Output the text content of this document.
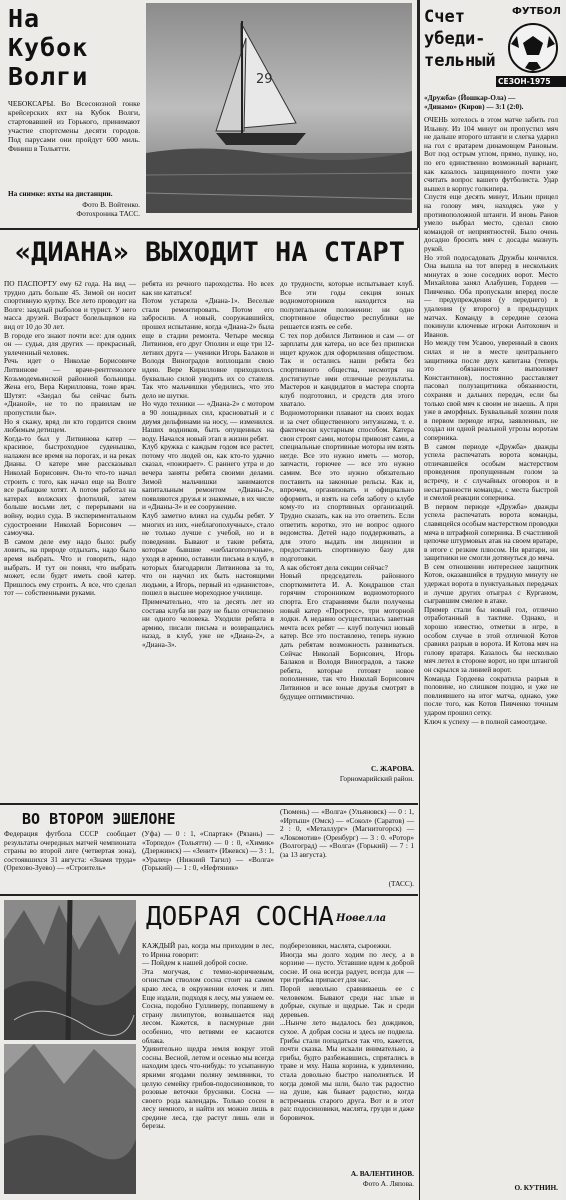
На
Кубок
Волги
ЧЕБОКСАРЫ. Во Всесоюзной гонке крейсерских яхт на Кубок Волги, стартовавшей из Горького, принимают участие спортсмены десяти городов. Под парусами они пройдут 600 миль. Финиш в Тольятти.
На снимке: яхты на дистанции.
Фото В. Войтенко.
Фотохроника ТАСС.
29
Счет
убеди-
тельный
ФУТБОЛ
СЕЗОН-1975
«Дружба» (Йошкар-Ола) —
«Динамо» (Киров) — 3:1 (2:0).
ОЧЕНЬ хотелось в этом матче забить гол Ильину. Из 104 минут он пропустил мяч не дальше второго штанги и слегка ударил на гол с вратарем динамовцем Рановым. Вот под острым углом, прямо, пушку, но, по его единственно возможный вариант, как казалось защищенного почти уже считать вопрос вашего футболиста. Удар вышел в корпус голкипера.
Спустя еще десять минут, Ильин прицел на голову мяч, находясь уже у противоположной штанги. И вновь Ранов умело выбрал место, сделал свою командой от неприятностей. Было очень досадно бросить мяч с досады мазнуть рукой.
Но этой подосадовать Дружбы кончился. Она вышла на тот вперед в нескольких минутах в зоне соседних ворот. Место Михайлова занял Алабушев, Гордеев — Пивченко. Оба пропускали вперед после — предупреждения (у переднего) в удаления (у второго) в предыдущих матчах. Команду в середине сезона покинули ключевые игроки Антохович и Иванов.
Но между тем Усавоо, уверенный в своих силах и не в месте центральнего защитника после двух капитана (теперь это обязанности выполняет Константинов), постоянно расставляет пасовал полузащитника обязанности, сохраняя и дальних передач, если бы только свой мяч к своим не знаешь. А при уже в аморфных. Буквальный хозяин поля в первом периоде игры, заявленных, не создал ни одной реальной угрозы воротам соперника.
В самом периоде «Дружба» дважды успела распечатать ворота команды, отличавшейся особым мастерством проведения пропущенным голом за встречу, и с случайных оговорок и в несыгранности команды, с места быстрой и смелой реакции соперника.
В первом периоде «Дружба» дважды успела распечатать ворота команды, славящейся особым мастерством проводки мяча в штрафной соперника. В счастливой цепочке штурмовых атак на своем вратаре, в итоге с резким плюсом. Ни вратари, ни защитники не смогли дотянуться до мяча.
В сем отношении интереснее защитник Котов, оказавшийся в трудную минуту не удержал ворота в пунктуальных передачах и лучше других отыграл с Курганом, сыгравшим смелее в атаке.
Пример стали бы новый гол, отлично отработанный в тактике. Однако, и хорошо известно, отметки в игре, в особом случае в этой отличной Котов сравнял разрыв в ворота. И Котова мяч на голову вратаря. Казалось бы несколько мяч летел в стороне ворот, но при штангой он скрылся за линией ворот.
Команда Гордеева сократила разрыв в половинe, но слишком поздно, и уже не повлиявшего на итог матча, однако, уже после того, как Котов Пивченко точным ударом прошил сетку.
Ключ к успеху — в полной самоотдаче.
О. КУТНИН.
«ДИАНА» ВЫХОДИТ НА СТАРТ
ПО ПАСПОРТУ ему 62 года. На вид — трудно дать больше 45. Зимой он носит спортивную куртку. Все лето проводит на Волге: заядлый рыболов и турист. У него масса друзей. Возраст болельщиков на вид от 10 до 30 лет.
В городе его знают почти все: для одних он — судья, для других — прекрасный, увлеченный человек.
Речь идет о Николае Борисовиче Литвинове — враче-рентгенологе Козьмодемьянской районной больницы. Жена его, Вера Кирилловна, тоже врач. Шутят: «Заедал бы сейчас быть «Дианой», не то по правилам не пропустили бы».
Но я скажу, вряд ли кто гордится своим любимым детищем.
Когда-то был у Литвинова катер — красивое, быстроходное суденышко, налажен все время на порогах, и на реках Дианы. О катере мне рассказывал Николай Борисович. Он-то что-то начал строить с того, как начал еще на Волге все рыбацкие хотят. А потом работал на катерах волжских флотилий, затем больше восьми лет, с перерывами на войну, водил суда. В экспериментальном судостроении Николай Борисович — самоучка.
В самом деле ему надо было: рыбу ловить, на природе отдыхать, надо было время выбрать. Что и говорить, надо выбрать. И тут он понял, что выбрать может, если будет иметь свой катер. Пришлось ему строить. А все, что сделал тот — собственными руками.
ребята из речного пароходства. Но всех как ни кататься!
Потом устарела «Диана-1». Веселые стали ремонтировать. Потом его забросили. А новый, сооружавшийся, прошел испытание, когда «Диана-2» была еще в стадии ремонта. Четыре месяца Литвинов, его друг Ополин и еще три 12-летних друга — ученики Игорь Балаков и Володя Виноградов воплощали свою идею. Вере Кирилловне приходилось буквально силой уводить их со стапеля. Так что мальчишки убедились, что это дело не шутки.
Но чудо техники — «Диана-2» с мотором в 90 лошадиных сил, красноватый и с двумя дельфинами на носу, — изменился. Наших водников, быть опущенных на воду. Начался новый этап в жизни ребят.
Клуб кружка с каждым годом все растет, потому что людей он, как кто-то удачно сказал, «пожирает». С раннего утра и до вечера заняты ребята своими делами. Зимой мальчишки занимаются капитальным ремонтом «Дианы-2», появляются друзья и знакомые, в их числе и «Дианы-3» и ее сооружение.
Клуб заметно влиял на судьбы ребят. У многих из них, «неблагополучных», стало не только лучше с учебой, но и в поведении. Бывают и такие ребята, которые бывшие «неблагополучные», уходя в армию, оставили письма в клуб, в которых благодарили Литвинова за то, что он научил их быть настоящими людьми, а Игорь, первый из «дианистов», пошел в высшее мореходное училище.
Примечательно, что за десять лет из состава клуба ни разу не было отчислено ни одного человека. Уходили ребята в армию, писали письма и возвращались назад, в клуб, уже не «Диана-2», а «Диана-3».
до трудности, которые испытывает клуб. Все эти годы секция юных водномоторников находится на полулегальном положении: ни одно спортивное общество республики не решается взять ее себе.
С тех пор добился Литвинов и сам — от зарплаты для катера, но все без приписки ищет кружок для оформления обществом. Так и остались наши ребята без спортивного общества, несмотря на достигнутые ими отличные результаты. Мастеров и кандидатов в мастера спорта клуб подготовил, и средств для этого хватало.
Водномоторники плавают на своих водах и за счет общественного энтузиазма, т. е. фактически кустарным способом. Катера свои строят сами, моторы привозят сами, а специальные спортивные моторы им взять негде. Все это нужно иметь — мотор, запчасти, горючее — все это нужно самим. Все это нужно обязательно поставить на законные рельсы. Как и, впрочем, организовать и официально оформить, и взять на себя заботу о клубе кому-то из спортивных организаций. Трудно сказать, как на это ответить. Если ответить коротко, это не вопрос одного ведомства. Детей надо поддерживать, а для этого выдать им лицензии и предоставить спортивную базу для подготовки.
А как обстоят дела секции сейчас?
Новый председатель районного спорткомитета И. А. Кондрашов стал горячим сторонником водномоторного спорта. Его стараниями были получены новый катер «Прогресс», три моторной лодки. А недавно осуществилась заветная мечта всех ребят — клуб получил новый катер. Все это поставлено, теперь нужно дать ребятам возможность развиваться. Сейчас Николай Борисович, Игорь Балаков и Володя Виноградов, а также ребята, которые готовят новое пополнение, так что Николай Борисович Литвинов и все юные друзья смотрят в будущее оптимистично.
С. ЖАРОВА.
Горномарийский район.
ВО ВТОРОМ ЭШЕЛОНЕ
Федерация футбола СССР сообщает результаты очередных матчей чемпионата страны во второй лиге (четвертая зона), состоявшихся 31 августа: «Знамя труда» (Орехово-Зуево) — «Строитель»
(Уфа) — 0 : 1, «Спартак» (Рязань) — «Торпедо» (Тольятти) — 0 : 0, «Химик» (Дзержинск) — «Зенит» (Ижевск) — 3 : 1, «Уралец» (Нижний Тагил) — «Волга» (Горький) — 1 : 0, «Нефтяник»
(Тюмень) — «Волга» (Ульяновск) — 0 : 1, «Иртыш» (Омск) — «Сокол» (Саратов) — 2 : 0, «Металлург» (Магнитогорск) — «Локомотив» (Оренбург) — 3 : 0. «Ротор» (Волгоград) — «Волга» (Горький) — 7 : 1 (за 13 августа).
(ТАСС).
ДОБРАЯ СОСНА Новелла
КАЖДЫЙ раз, когда мы приходим в лес, то Ирина говорит:
— Пойдем к нашей доброй сосне.
Эта могучая, с темно-коричневым, огнистым стволом сосна стоит на самом краю леса, в окружении елочек и лип. Еще издали, подходя к лесу, мы узнаем ее. Сосна, подобно Гулливеру, попавшему в страну лилипутов, возвышается над лесом. Кажется, в пасмурные дни особенно, что ветвями ее касаются облака.
Удивительно щедра земля вокруг этой сосны. Весной, летом и осенью мы всегда находим здесь что-нибудь: то усыпанную яркими ягодами поляну земляники, то целую семейку грибов-подосиновиков, то розовые веточки брусники. Сосна — своего рода календарь. Только сосен в лесу немного, и найти их можно лишь в средине леса, где растут лишь ели и березы.
подберезовики, маслята, сыроежки.
Иногда мы долго ходим по лесу, а в корзине — пусто. Уставшие идем к доброй сосне. И она всегда радует, всегда для — три грибка припасет для нас.
Порой невольно сравниваешь ее с человеком. Бывают среди нас злые и добрые, скупые и щедрые. Так и среди деревьев.
...Нынче лето выдалось без дождиков, сухое. А добрая сосна и здесь не подвела. Грибы стали попадаться так что, кажется, почти сказка. Мы искали внимательно, а грибы, будто разбежавшись, спрятались в траве и мху. Наша корзина, к удивлению, стала довольно быстро наполняться. И когда домой мы шли, было так радостно на душе, как бывает радостно, когда встречаешь старого друга. Вот и в этот раз: подосиновики, маслята, грузди и даже боровичок.
А. ВАЛЕНТИНОВ.
Фото А. Ляпова.
